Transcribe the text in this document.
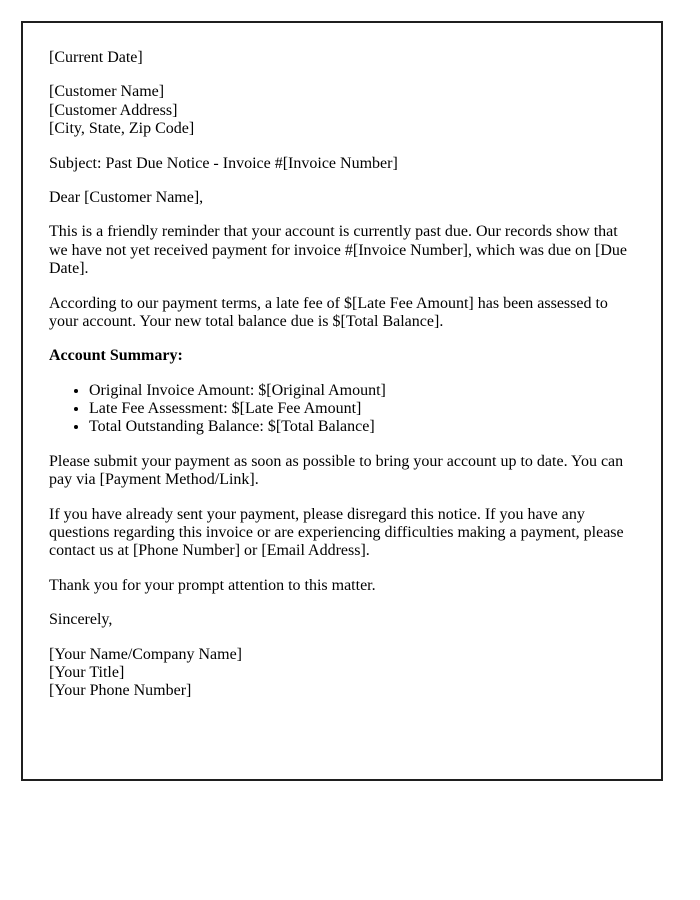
[Current Date]

[Customer Name]
[Customer Address]
[City, State, Zip Code]

Subject: Past Due Notice - Invoice #[Invoice Number]

Dear [Customer Name],

This is a friendly reminder that your account is currently past due. Our records show that we have not yet received payment for invoice #[Invoice Number], which was due on [Due Date].

According to our payment terms, a late fee of $[Late Fee Amount] has been assessed to your account. Your new total balance due is $[Total Balance].

Account Summary:

• Original Invoice Amount: $[Original Amount]
• Late Fee Assessment: $[Late Fee Amount]
• Total Outstanding Balance: $[Total Balance]

Please submit your payment as soon as possible to bring your account up to date. You can pay via [Payment Method/Link].

If you have already sent your payment, please disregard this notice. If you have any questions regarding this invoice or are experiencing difficulties making a payment, please contact us at [Phone Number] or [Email Address].

Thank you for your prompt attention to this matter.

Sincerely,

[Your Name/Company Name]
[Your Title]
[Your Phone Number]
